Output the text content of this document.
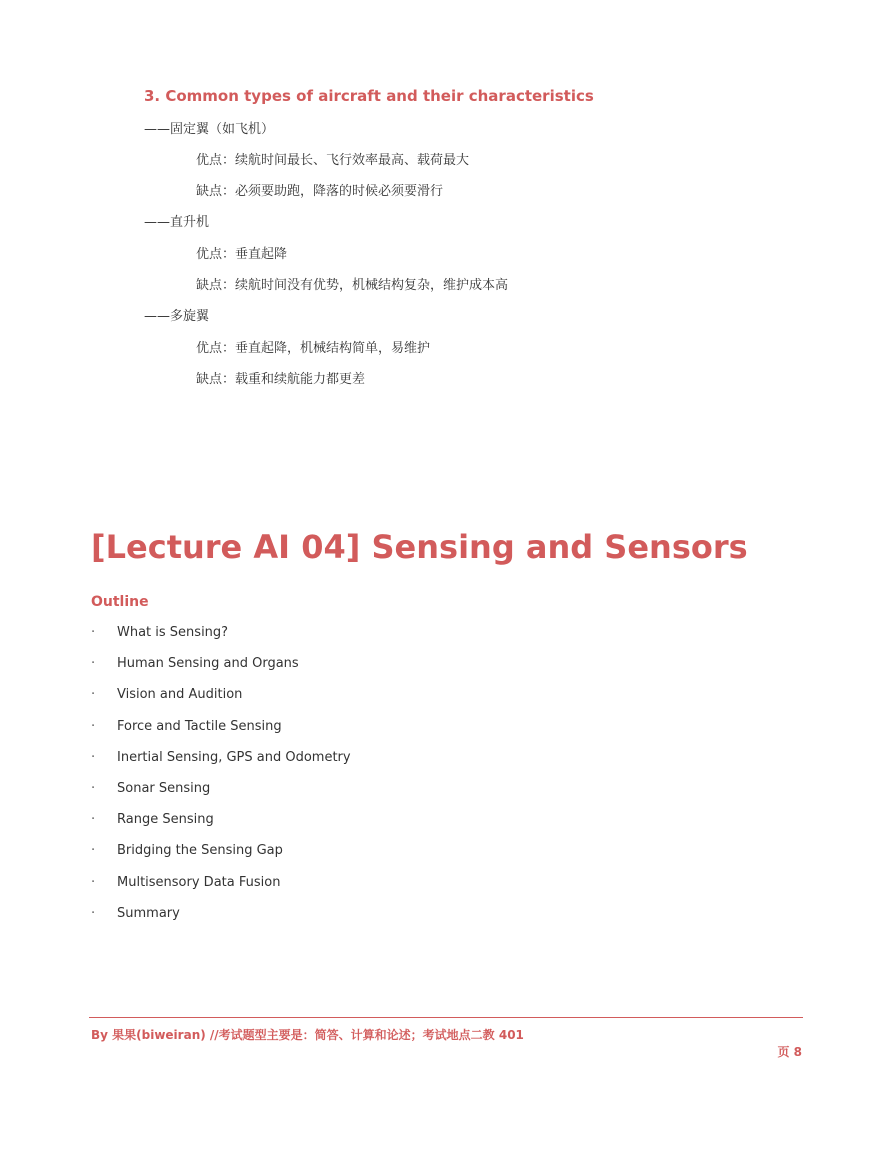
3. Common types of aircraft and their characteristics
——固定翼（如飞机）
优点：续航时间最长、飞行效率最高、载荷最大
缺点：必须要助跑，降落的时候必须要滑行
——直升机
优点：垂直起降
缺点：续航时间没有优势，机械结构复杂，维护成本高
——多旋翼
优点：垂直起降，机械结构简单，易维护
缺点：载重和续航能力都更差
[Lecture AI 04] Sensing and Sensors
Outline
· What is Sensing?
· Human Sensing and Organs
· Vision and Audition
· Force and Tactile Sensing
· Inertial Sensing, GPS and Odometry
· Sonar Sensing
· Range Sensing
· Bridging the Sensing Gap
· Multisensory Data Fusion
· Summary
By 果果(biweiran) //考试题型主要是：简答、计算和论述；考试地点二教 401
页 8
